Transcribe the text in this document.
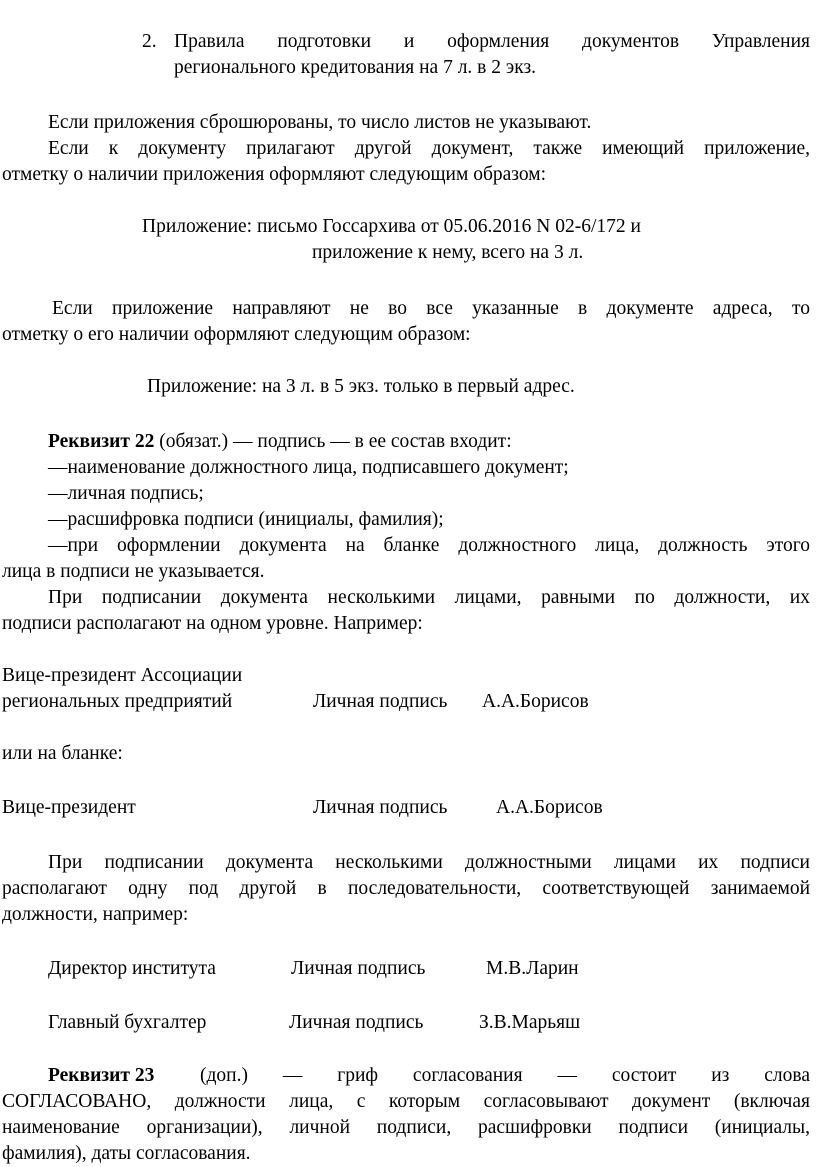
2. Правила подготовки и оформления документов Управления
регионального кредитования на 7 л. в 2 экз.
Если приложения сброшюрованы, то число листов не указывают.
Если к документу прилагают другой документ, также имеющий приложение,
отметку о наличии приложения оформляют следующим образом:
Приложение: письмо Госсархива от 05.06.2016 N 02-6/172 и
приложение к нему, всего на 3 л.
Если приложение направляют не во все указанные в документе адреса, то
отметку о его наличии оформляют следующим образом:
Приложение: на 3 л. в 5 экз. только в первый адрес.
Реквизит 22 (обязат.) — подпись — в ее состав входит:
—наименование должностного лица, подписавшего документ;
—личная подпись;
—расшифровка подписи (инициалы, фамилия);
—при оформлении документа на бланке должностного лица, должность этого
лица в подписи не указывается.
При подписании документа несколькими лицами, равными по должности, их
подписи располагают на одном уровне. Например:
Вице-президент Ассоциации
региональных предприятий	Личная подпись А.А.Борисов
или на бланке:
Вице-президент	Личная подпись А.А.Борисов
При подписании документа несколькими должностными лицами их подписи
располагают одну под другой в последовательности, соответствующей занимаемой
должности, например:
Директор института	Личная подпись	М.В.Ларин
Главный бухгалтер	Личная подпись	З.В.Марьяш
Реквизит 23 (доп.) — гриф согласования — состоит из слова
СОГЛАСОВАНО, должности лица, с которым согласовывают документ (включая
наименование организации), личной подписи, расшифровки подписи (инициалы,
фамилия), даты согласования.
